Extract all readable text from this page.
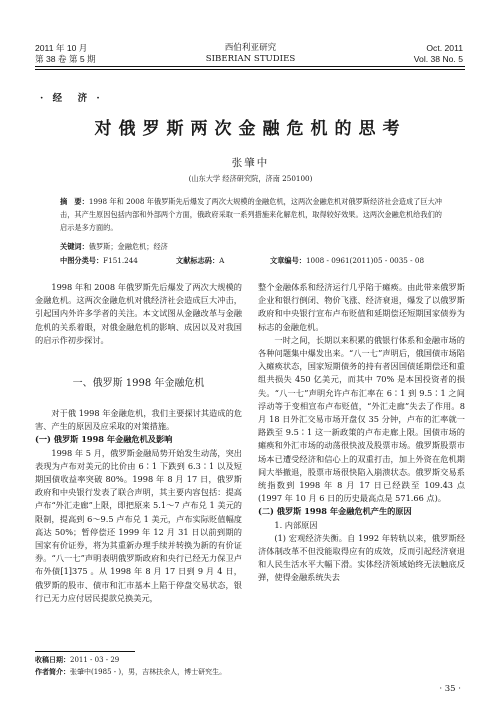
2011 年 10 月
第 38 卷 第 5 期
西伯利亚研究
SIBERIAN STUDIES
Oct. 2011
Vol. 38 No. 5
· 经　济 ·
对俄罗斯两次金融危机的思考
张肇中
(山东大学 经济研究院，济南 250100)
摘　要：1998 年和 2008 年俄罗斯先后爆发了两次大规模的金融危机，这两次金融危机对俄罗斯经济社会造成了巨大冲击，其产生原因包括内部和外部两个方面，俄政府采取一系列措施来化解危机，取得较好效果。这两次金融危机给我们的启示是多方面的。
关键词：俄罗斯；金融危机；经济
中图分类号：F151.244	文献标志码：A	文章编号：1008 - 0961(2011)05 - 0035 - 08

1998 年和 2008 年俄罗斯先后爆发了两次大规模的金融危机。这两次金融危机对俄经济社会造成巨大冲击，引起国内外许多学者的关注。本文试图从金融改革与金融危机的关系着眼，对俄金融危机的影响、成因以及对我国的启示作初步探讨。

一、俄罗斯 1998 年金融危机

对于俄 1998 年金融危机，我们主要探讨其造成的危害、产生的原因及应采取的对策措施。

(一) 俄罗斯 1998 年金融危机及影响

1998 年 5 月，俄罗斯金融局势开始发生动荡，突出表现为卢布对美元的比价由 6∶1 下跌到 6.3∶1 以及短期国债收益率突破 80%。1998 年 8 月 17 日，俄罗斯政府和中央银行发表了联合声明，其主要内容包括：提高卢布“外汇走廊”上限，即把原来 5.1～7 卢布兑 1 美元的限制，提高到 6～9.5 卢布兑 1 美元，卢布实际贬值幅度高达 50%；暂停偿还 1999 年 12 月 31 日以前到期的国家有价证券，将为其重新办理手续并转换为新的有价证券。“八一七”声明表明俄罗斯政府和央行已经无力保卫卢布外债[1]375 。从 1998 年 8 月 17 日到 9 月 4 日，俄罗斯的股市、债市和汇市基本上陷于停盘交易状态，银行已无力应付居民提款兑换美元，

整个金融体系和经济运行几乎陷于瘫痪。由此带来俄罗斯企业和银行倒闭、物价飞涨、经济衰退，爆发了以俄罗斯政府和中央银行宣布卢布贬值和延期偿还短期国家债券为标志的金融危机。

一时之间，长期以来积累的俄银行体系和金融市场的各种问题集中爆发出来。“八一七”声明后，俄国债市场陷入瘫痪状态，国家短期债务的持有者因国债延期偿还和重组共损失 450 亿美元，而其中 70% 是本国投资者的损失。“八一七”声明允许卢布汇率在 6∶1 到 9.5∶1 之间浮动等于变相宣布卢布贬值，“外汇走廊”失去了作用。8 月 18 日外汇交易市场开盘仅 35 分钟，卢布的汇率就一路跌至 9.5∶1 这一新政策的卢布走廊上限。国债市场的瘫痪和外汇市场的动荡很快波及股票市场。俄罗斯股票市场本已遭受经济和信心上的双重打击，加上外资在危机期间大举撤退，股票市场很快陷入崩溃状态。俄罗斯交易系统指数到 1998 年 8 月 17 日已经跌至 109.43 点(1997 年 10 月 6 日的历史最高点是 571.66 点)。

(二) 俄罗斯 1998 年金融危机产生的原因

1. 内部原因

(1) 宏观经济失衡。自 1992 年转轨以来，俄罗斯经济体制改革不但没能取得应有的成效，反而引起经济衰退和人民生活水平大幅下滑。实体经济领域始终无法触底反弹，使得金融系统失去

收稿日期：2011 - 03 - 29
作者简介：张肇中(1985 - )，男，吉林扶余人，博士研究生。
· 35 ·
